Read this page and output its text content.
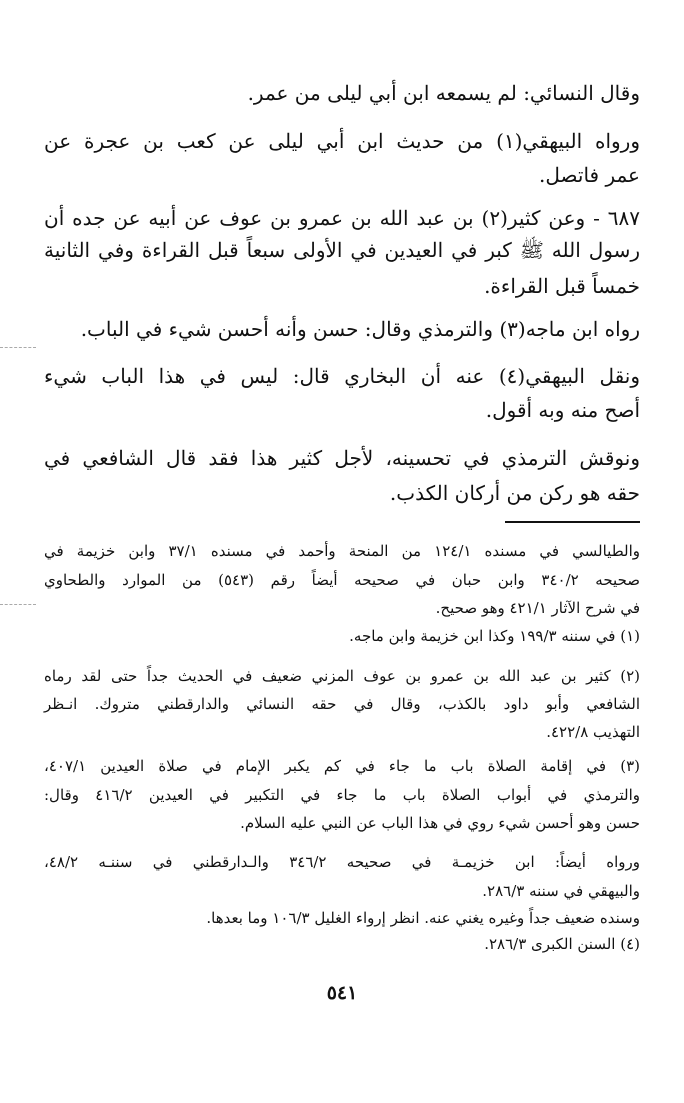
وقال النسائي: لم يسمعه ابن أبي ليلى من عمر.
ورواه البيهقي(١) من حديث ابن أبي ليلى عن كعب بن عجرة عن
عمر فاتصل.
٦٨٧ - وعن كثير(٢) بن عبد الله بن عمرو بن عوف عن أبيه عن جده أن
رسول الله ﷺ كبر في العيدين في الأولى سبعاً قبل القراءة وفي الثانية
خمساً قبل القراءة.
رواه ابن ماجه(٣) والترمذي وقال: حسن وأنه أحسن شيء في الباب.
ونقل البيهقي(٤) عنه أن البخاري قال: ليس في هذا الباب شيء
أصح منه وبه أقول.
ونوقش الترمذي في تحسينه، لأجل كثير هذا فقد قال الشافعي في
حقه هو ركن من أركان الكذب.
والطيالسي في مسنده ١٢٤/١ من المنحة وأحمد في مسنده ٣٧/١ وابن خزيمة في
صحيحه ٣٤٠/٢ وابن حبان في صحيحه أيضاً رقم (٥٤٣) من الموارد والطحاوي
في شرح الآثار ٤٢١/١ وهو صحيح.
(١) في سننه ١٩٩/٣ وكذا ابن خزيمة وابن ماجه.
(٢) كثير بن عبد الله بن عمرو بن عوف المزني ضعيف في الحديث جداً حتى لقد رماه
الشافعي وأبو داود بالكذب، وقال في حقه النسائي والدارقطني متروك. انـظر
التهذيب ٤٢٢/٨.
(٣) في إقامة الصلاة باب ما جاء في كم يكبر الإمام في صلاة العيدين ٤٠٧/١،
والترمذي في أبواب الصلاة باب ما جاء في التكبير في العيدين ٤١٦/٢ وقال:
حسن وهو أحسن شيء روي في هذا الباب عن النبي عليه السلام.
ورواه أيضاً: ابن خزيمـة في صحيحه ٣٤٦/٢ والـدارقطني في سننـه ٤٨/٢،
والبيهقي في سننه ٢٨٦/٣.
وسنده ضعيف جداً وغيره يغني عنه. انظر إرواء الغليل ١٠٦/٣ وما بعدها.
(٤) السنن الكبرى ٢٨٦/٣.
٥٤١
